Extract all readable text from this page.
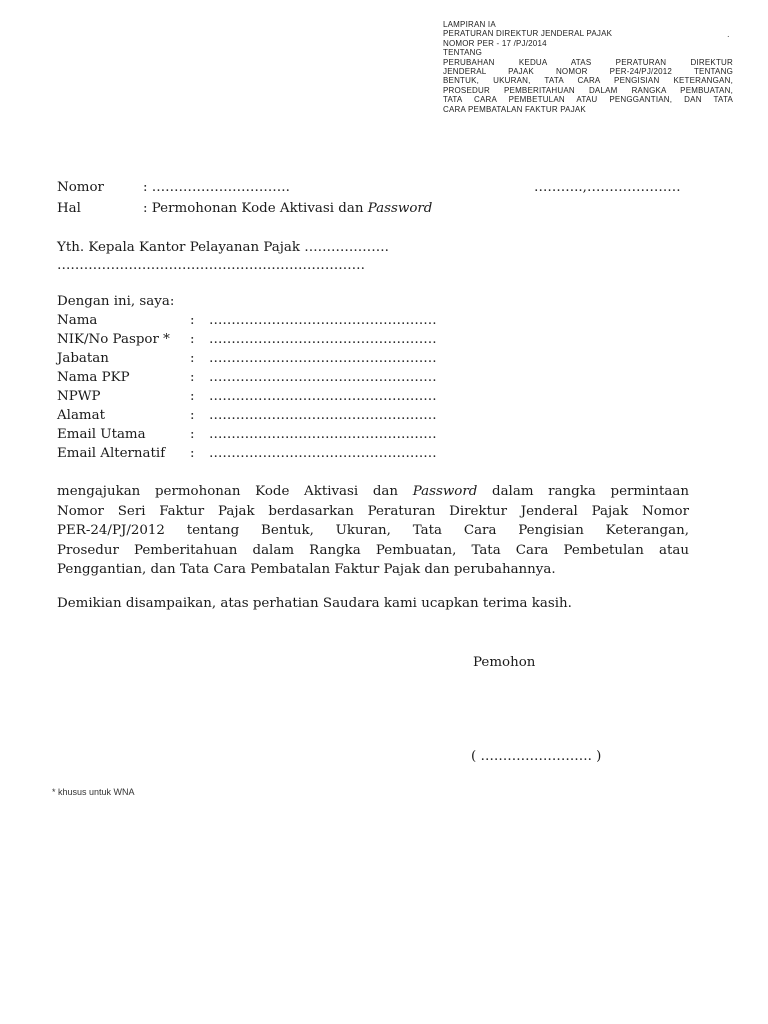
LAMPIRAN IA
PERATURAN DIREKTUR JENDERAL PAJAK
NOMOR PER - 17 /PJ/2014
TENTANG
PERUBAHAN KEDUA ATAS PERATURAN DIREKTUR
JENDERAL PAJAK NOMOR PER-24/PJ/2012 TENTANG
BENTUK, UKURAN, TATA CARA PENGISIAN KETERANGAN,
PROSEDUR PEMBERITAHUAN DALAM RANGKA PEMBUATAN,
TATA CARA PEMBETULAN ATAU PENGGANTIAN, DAN TATA
CARA PEMBATALAN FAKTUR PAJAK
.
Nomor	: ………………………….	………..,…………………
Hal	: Permohonan Kode Aktivasi dan Password
Yth. Kepala Kantor Pelayanan Pajak ……………….
……………………………………………………………
Dengan ini, saya:
Nama	: ……………………………………………
NIK/No Paspor * : ……………………………………………
Jabatan	: ……………………………………………
Nama PKP	: ……………………………………………
NPWP	: ……………………………………………
Alamat	: ……………………………………………
Email Utama	: ……………………………………………
Email Alternatif : ……………………………………………
mengajukan permohonan Kode Aktivasi dan Password dalam rangka permintaan
Nomor Seri Faktur Pajak berdasarkan Peraturan Direktur Jenderal Pajak Nomor
PER-24/PJ/2012 tentang Bentuk, Ukuran, Tata Cara Pengisian Keterangan,
Prosedur Pemberitahuan dalam Rangka Pembuatan, Tata Cara Pembetulan atau
Penggantian, dan Tata Cara Pembatalan Faktur Pajak dan perubahannya.
Demikian disampaikan, atas perhatian Saudara kami ucapkan terima kasih.
Pemohon
( ……………………. )
* khusus untuk WNA
